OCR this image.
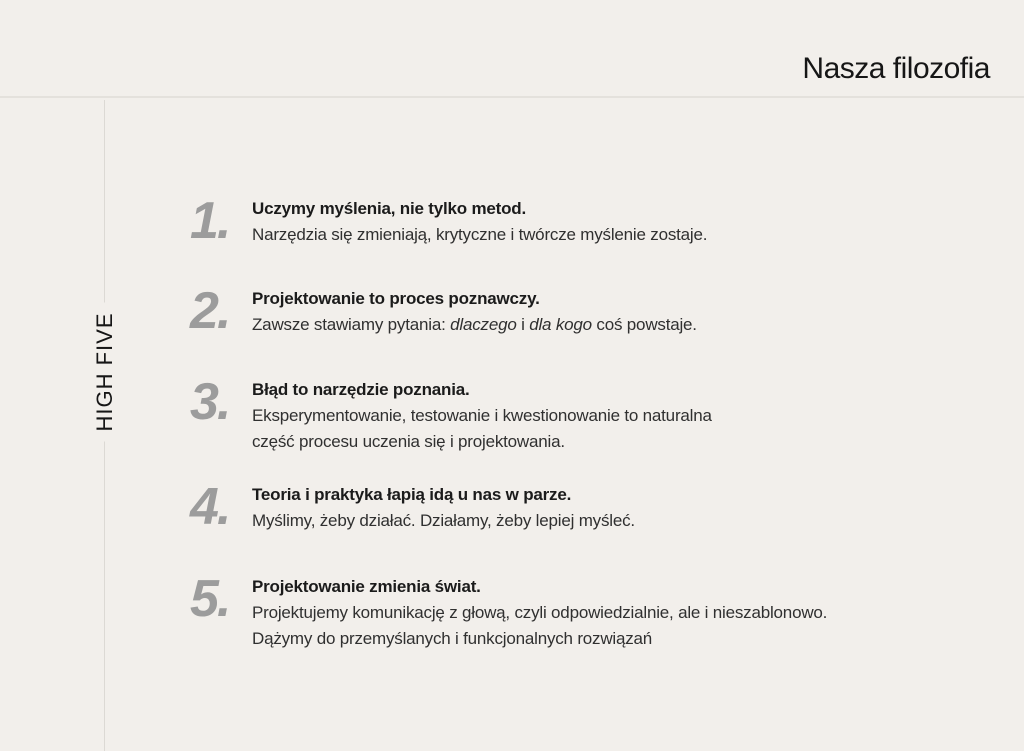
Nasza filozofia
HIGH FIVE
1. Uczymy myślenia, nie tylko metod.
Narzędzia się zmieniają, krytyczne i twórcze myślenie zostaje.
2. Projektowanie to proces poznawczy.
Zawsze stawiamy pytania: dlaczego i dla kogo coś powstaje.
3. Błąd to narzędzie poznania.
Eksperymentowanie, testowanie i kwestionowanie to naturalna
część procesu uczenia się i projektowania.
4. Teoria i praktyka łapią idą u nas w parze.
Myślimy, żeby działać. Działamy, żeby lepiej myśleć.
5. Projektowanie zmienia świat.
Projektujemy komunikację z głową, czyli odpowiedzialnie, ale i nieszablonowo.
Dążymy do przemyślanych i funkcjonalnych rozwiązań
